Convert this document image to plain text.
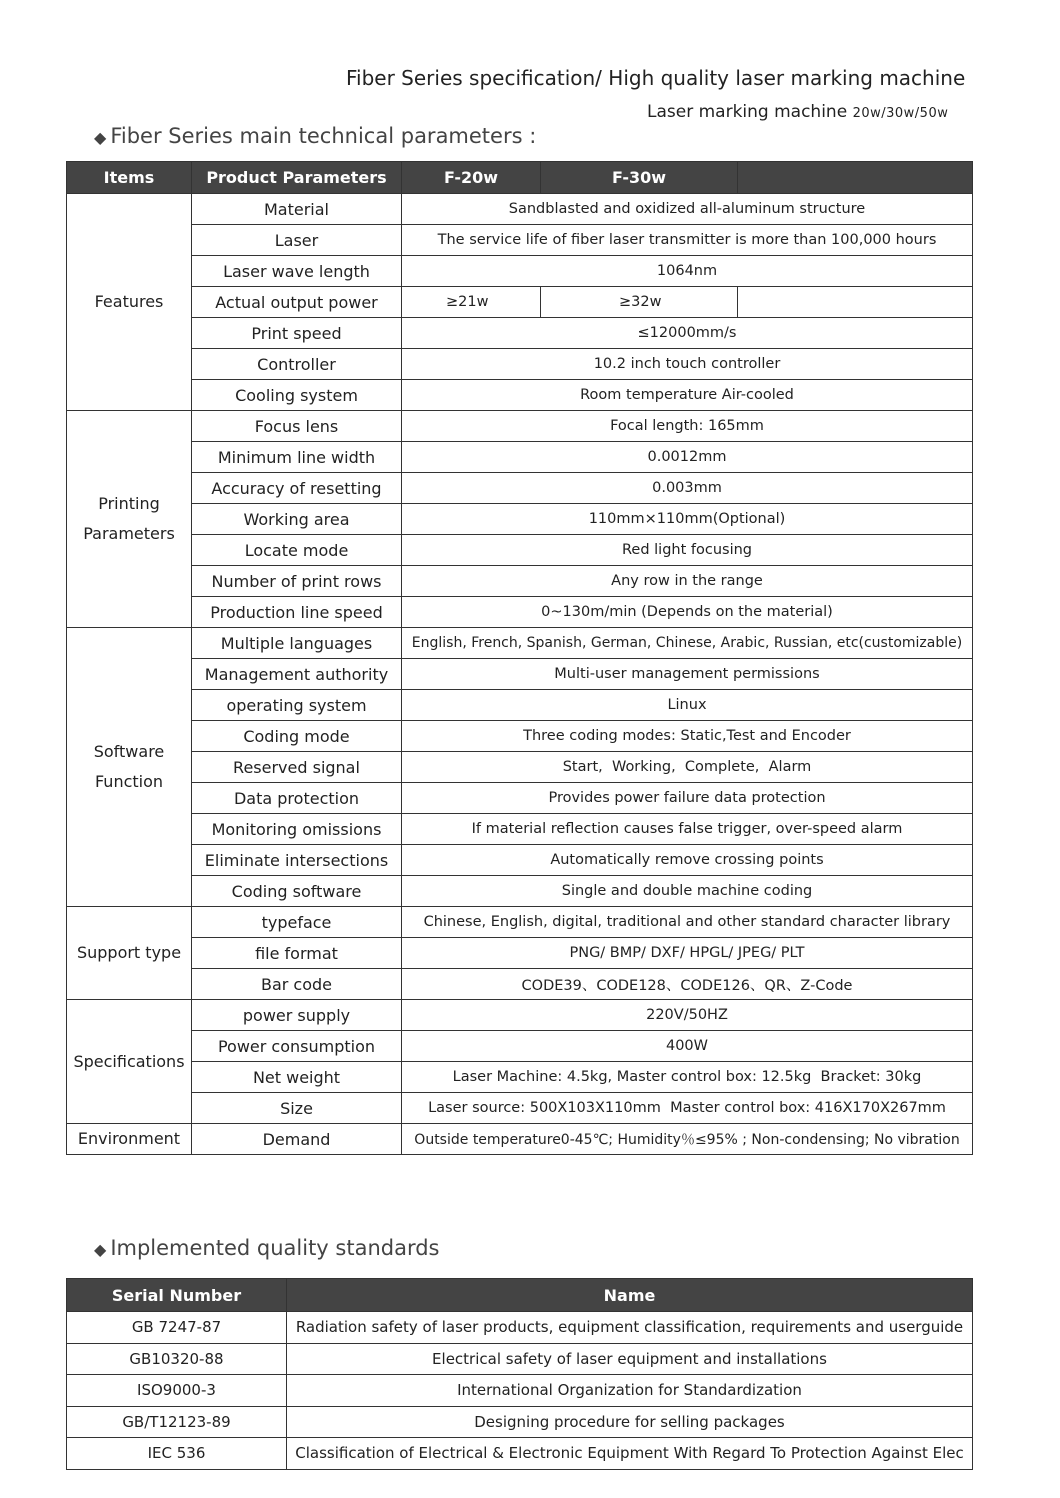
Fiber Series specification/ High quality laser marking machine
Laser marking machine 20w/30w/50w
◆ Fiber Series main technical parameters :
Items	Product Parameters	F-20w	F-30w	
Features	Material	Sandblasted and oxidized all-aluminum structure		
	Laser	The service life of fiber laser transmitter is more than 100,000 hours		
	Laser wave length	1064nm		
	Actual output power	≥21w	≥32w	
	Print speed	≤12000mm/s		
	Controller	10.2 inch touch controller		
	Cooling system	Room temperature Air-cooled		

Printing
Parameters	Focus lens	Focal length: 165mm		
	Minimum line width	0.0012mm		
	Accuracy of resetting	0.003mm		
	Working area	110mm×110mm(Optional)		
	Locate mode	Red light focusing		
	Number of print rows	Any row in the range		
	Production line speed	0~130m/min (Depends on the material)		

Software
Function	Multiple languages	English, French, Spanish, German, Chinese, Arabic, Russian, etc(customizable)		
	Management authority	Multi-user management permissions		
	operating system	Linux		
	Coding mode	Three coding modes: Static,Test and Encoder		
	Reserved signal	Start,  Working,  Complete,  Alarm		
	Data protection	Provides power failure data protection		
	Monitoring omissions	If material reflection causes false trigger, over-speed alarm		
	Eliminate intersections	Automatically remove crossing points		
	Coding software	Single and double machine coding		
Support type	typeface	Chinese, English, digital, traditional and other standard character library		
	file format	PNG/ BMP/ DXF/ HPGL/ JPEG/ PLT		
	Bar code	CODE39、CODE128、CODE126、QR、Z-Code		
Specifications	power supply	220V/50HZ		
	Power consumption	400W		
	Net weight	Laser Machine: 4.5kg, Master control box: 12.5kg  Bracket: 30kg		
	Size	Laser source: 500X103X110mm  Master control box: 416X170X267mm		
Environment	Demand	Outside temperature0-45℃; Humidity％≤95% ; Non-condensing; No vibration		
◆ Implemented quality standards
Serial Number	Name
GB 7247-87	Radiation safety of laser products, equipment classification, requirements and userguide
GB10320-88	Electrical safety of laser equipment and installations
ISO9000-3	International Organization for Standardization
GB/T12123-89	Designing procedure for selling packages
IEC 536	Classification of Electrical & Electronic Equipment With Regard To Protection Against Elec
